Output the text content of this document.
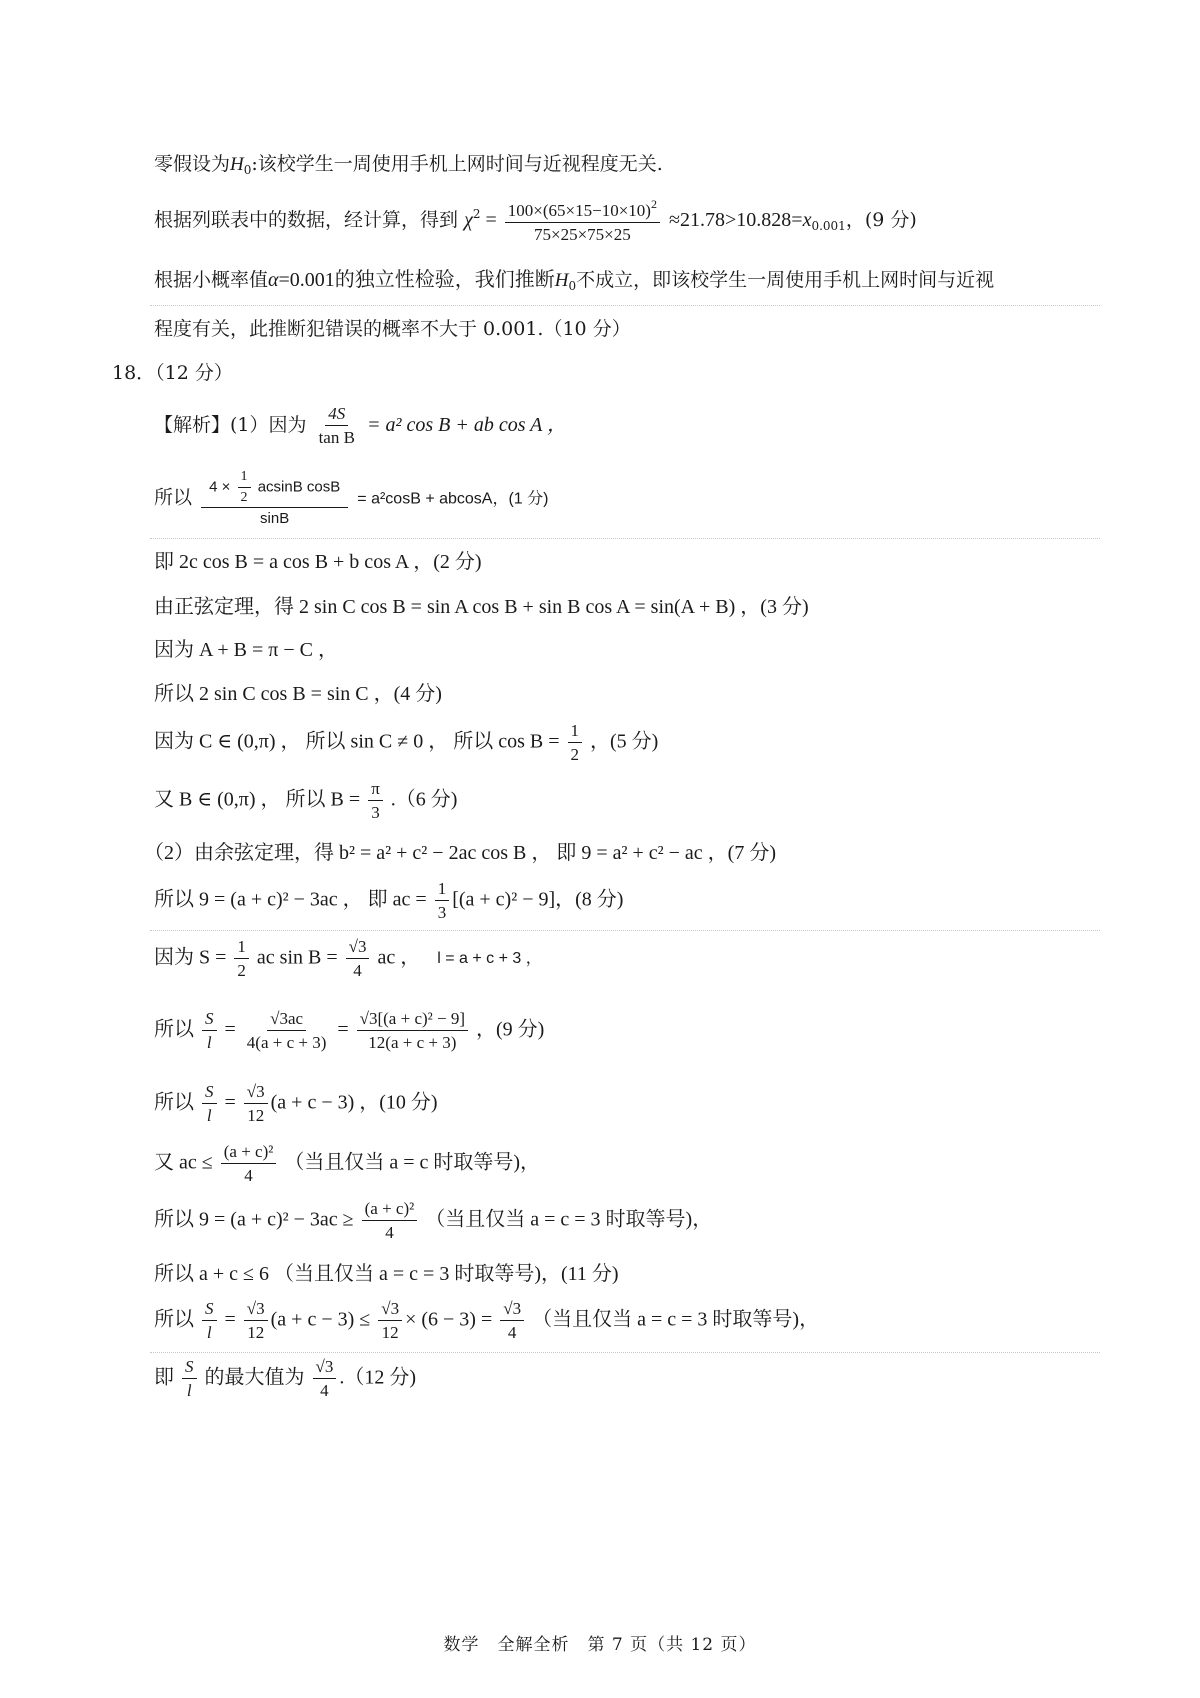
零假设为$H_0$:该校学生一周使用手机上网时间与近视程度无关.
根据列联表中的数据，经计算，得到 $\chi^2 = \frac{100\times(65\times 15-10\times 10)^2}{75\times 25\times 75\times 25} \approx 21.78>10.828=x_{0.001}$，(9 分)
根据小概率值α=0.001的独立性检验，我们推断$H_0$不成立，即该校学生一周使用手机上网时间与近视
程度有关，此推断犯错误的概率不大于 0.001.（10 分）
18．（12 分）
【解析】(1）因为 $\frac{4S}{\text{tan B}} = a^2$ cos B + ab cos A ，
所以 $\frac{4 \times \frac{1}{2} acsinB \cos B}{\sin B} = a^2\cos B + abcosA$，(1 分)
即 2c cos B = a cos B + b cos A ，(2 分)
由正弦定理，得 2 sin C cos B = sin A cos B + sin B cos A = sin(A + B) ，(3 分)
因为 A + B = π − C ，
所以 2 sin C cos B = sin C ，(4 分)
因为 C ∈ (0,π) ， 所以 sin C ≠ 0 ， 所以 $\cos B = \frac{1}{2}$ ，(5 分)
又 B ∈ (0,π) ， 所以 $B = \frac{\pi}{3} .(6$ 分)
（2）由余弦定理，得 b² = a² + c² − 2ac cos B ， 即 9 = a² + c² − ac ，(7 分)
所以 9 = (a + c)² − 3ac ， 即 ac = $\frac{1}{3} [(a + c)^2 - 9]$，(8 分)
因为 $S = \frac{1}{2}$ ac $\sin B = \frac{√3}{4}$ ac ， l = a + c + 3 ，
所以 $\frac{S}{l} = \frac{√3ac}{4(a + c + 3)} = \frac{\text{√3[(a + c)² − 9]}}{12(a + c + 3)}$ ，(9 分)
所以 $\frac{S}{l} = \frac{√3}{12} (a + c - 3)$ ，(10 分)
又 ac ≤ $\frac{\text{(a + c)²}}{4}$ （当且仅当 a = c 时取等号)，
所以 $9 = (a + c)^2 - 3ac \ge \frac{\text{(a + c)²}}{4}$ （当且仅当 a = c = 3 时取等号)，
所以 a + c ≤ 6 （当且仅当 a = c = 3 时取等号)，(11 分)
所以 $\frac{S}{l} = \frac{√3}{12} (a + c - 3) \le \frac{√3}{12} \times (6 - 3) = \frac{√3}{4}$ （当且仅当 a = c = 3 时取等号)，
即 $\frac{S}{l}$ 的最大值为 $\frac{√3}{4} .(12$ 分)
数学　全解全析　第 7 页（共 12 页）
